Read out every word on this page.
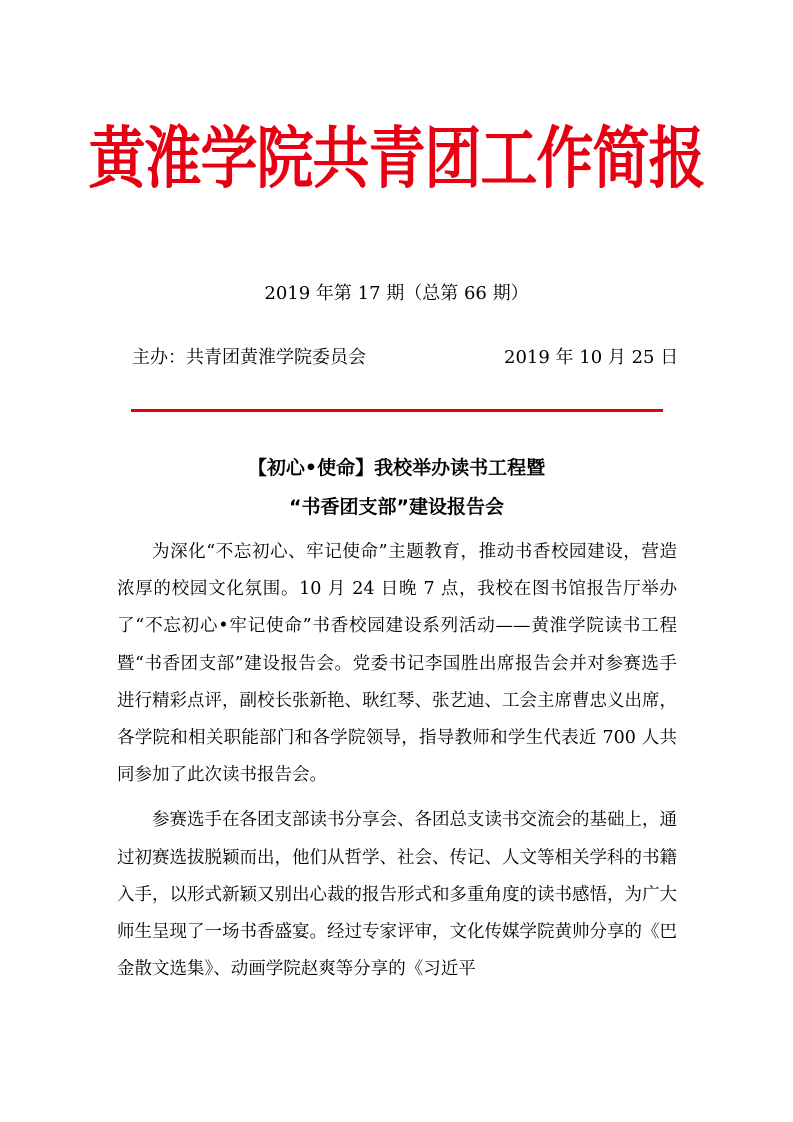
黄淮学院共青团工作简报
2019 年第 17 期（总第 66 期）
主办：共青团黄淮学院委员会	2019 年 10 月 25 日
【初心•使命】我校举办读书工程暨
“书香团支部”建设报告会

为深化“不忘初心、牢记使命”主题教育，推动书香校园建设，营造浓厚的校园文化氛围。10 月 24 日晚 7 点，我校在图书馆报告厅举办了“不忘初心•牢记使命”书香校园建设系列活动——黄淮学院读书工程暨“书香团支部”建设报告会。党委书记李国胜出席报告会并对参赛选手进行精彩点评，副校长张新艳、耿红琴、张艺迪、工会主席曹忠义出席，各学院和相关职能部门和各学院领导，指导教师和学生代表近 700 人共同参加了此次读书报告会。

参赛选手在各团支部读书分享会、各团总支读书交流会的基础上，通过初赛选拔脱颖而出，他们从哲学、社会、传记、人文等相关学科的书籍入手，以形式新颖又别出心裁的报告形式和多重角度的读书感悟，为广大师生呈现了一场书香盛宴。经过专家评审，文化传媒学院黄帅分享的《巴金散文选集》、动画学院赵爽等分享的《习近平
